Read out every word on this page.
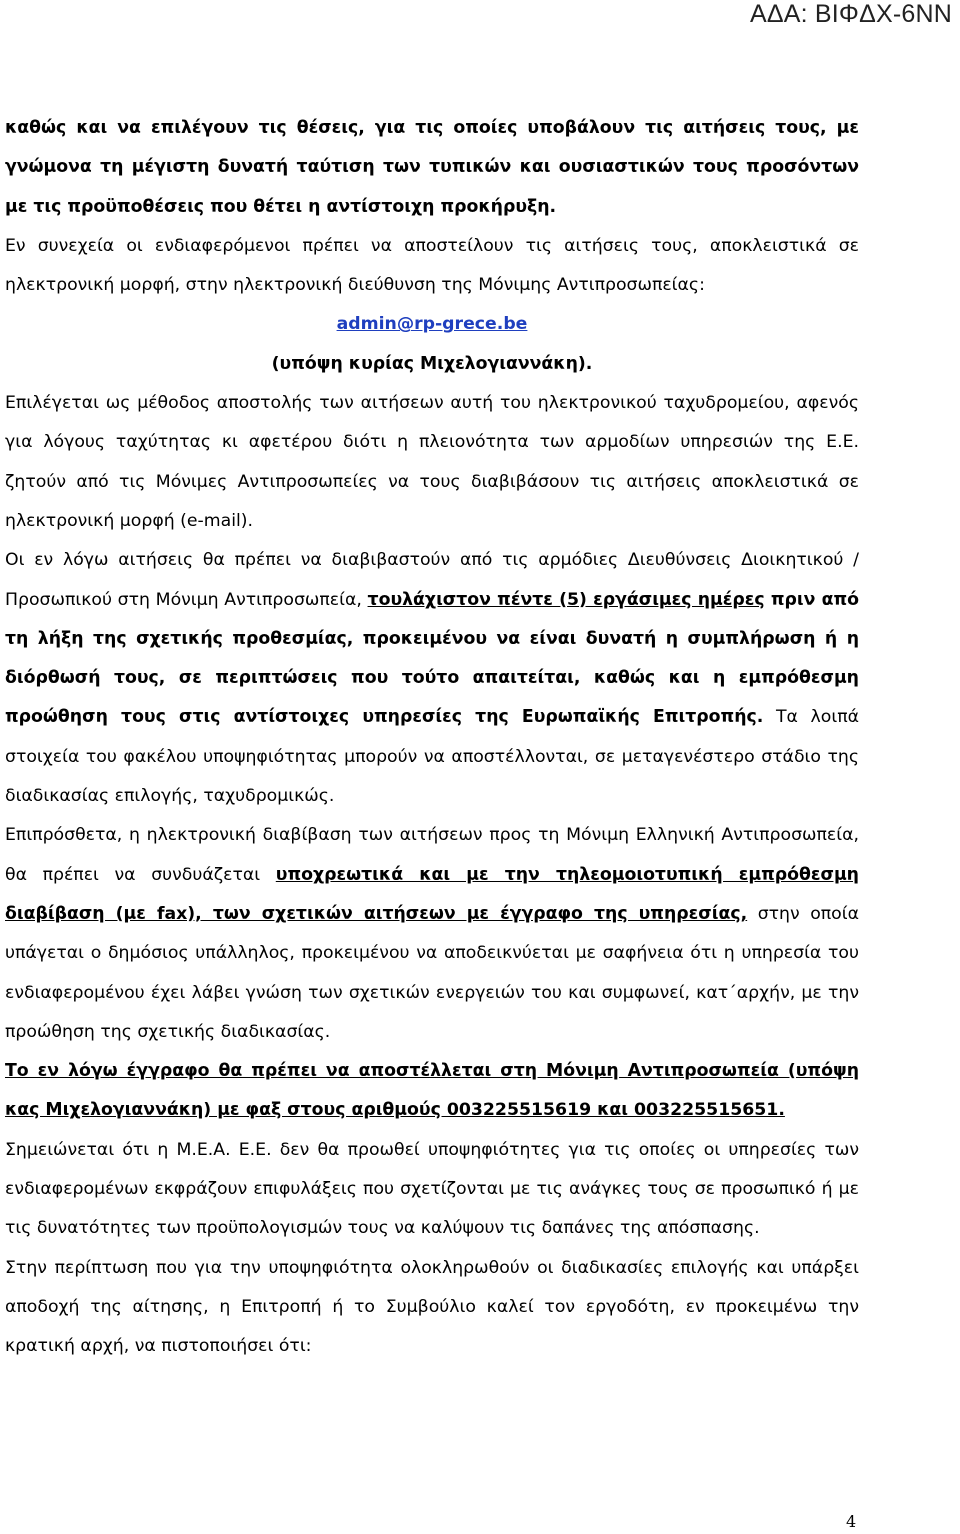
ΑΔΑ: ΒΙΦΔΧ-6ΝΝ

καθώς και να επιλέγουν τις θέσεις, για τις οποίες υποβάλουν τις αιτήσεις τους, με γνώμονα τη μέγιστη δυνατή ταύτιση των τυπικών και ουσιαστικών τους προσόντων με τις προϋποθέσεις που θέτει η αντίστοιχη προκήρυξη.

Εν συνεχεία οι ενδιαφερόμενοι πρέπει να αποστείλουν τις αιτήσεις τους, αποκλειστικά σε ηλεκτρονική μορφή, στην ηλεκτρονική διεύθυνση της Μόνιμης Αντιπροσωπείας:

admin@rp-grece.be

(υπόψη κυρίας Μιχελογιαννάκη).

Επιλέγεται ως μέθοδος αποστολής των αιτήσεων αυτή του ηλεκτρονικού ταχυδρομείου, αφενός για λόγους ταχύτητας κι αφετέρου διότι η πλειονότητα των αρμοδίων υπηρεσιών της Ε.Ε. ζητούν από τις Μόνιμες Αντιπροσωπείες να τους διαβιβάσουν τις αιτήσεις αποκλειστικά σε ηλεκτρονική μορφή (e-mail).

Οι εν λόγω αιτήσεις θα πρέπει να διαβιβαστούν από τις αρμόδιες Διευθύνσεις Διοικητικού /Προσωπικού στη Μόνιμη Αντιπροσωπεία, τουλάχιστον πέντε (5) εργάσιμες ημέρες πριν από τη λήξη της σχετικής προθεσμίας, προκειμένου να είναι δυνατή η συμπλήρωση ή η διόρθωσή τους, σε περιπτώσεις που τούτο απαιτείται, καθώς και η εμπρόθεσμη προώθηση τους στις αντίστοιχες υπηρεσίες της Ευρωπαϊκής Επιτροπής. Τα λοιπά στοιχεία του φακέλου υποψηφιότητας μπορούν να αποστέλλονται, σε μεταγενέστερο στάδιο της διαδικασίας επιλογής, ταχυδρομικώς.

Επιπρόσθετα, η ηλεκτρονική διαβίβαση των αιτήσεων προς τη Μόνιμη Ελληνική Αντιπροσωπεία, θα πρέπει να συνδυάζεται υποχρεωτικά και με την τηλεομοιοτυπική εμπρόθεσμη διαβίβαση (με fax), των σχετικών αιτήσεων με έγγραφο της υπηρεσίας, στην οποία υπάγεται ο δημόσιος υπάλληλος, προκειμένου να αποδεικνύεται με σαφήνεια ότι η υπηρεσία του ενδιαφερομένου έχει λάβει γνώση των σχετικών ενεργειών του και συμφωνεί, κατ΄αρχήν, με την προώθηση της σχετικής διαδικασίας.

Το εν λόγω έγγραφο θα πρέπει να αποστέλλεται στη Μόνιμη Αντιπροσωπεία (υπόψη κας Μιχελογιαννάκη) με φαξ στους αριθμούς 003225515619 και 003225515651.

Σημειώνεται ότι η Μ.Ε.Α. Ε.Ε. δεν θα προωθεί υποψηφιότητες για τις οποίες οι υπηρεσίες των ενδιαφερομένων εκφράζουν επιφυλάξεις που σχετίζονται με τις ανάγκες τους σε προσωπικό ή με τις δυνατότητες των προϋπολογισμών τους να καλύψουν τις δαπάνες της απόσπασης.

Στην περίπτωση που για την υποψηφιότητα ολοκληρωθούν οι διαδικασίες επιλογής και υπάρξει αποδοχή της αίτησης, η Επιτροπή ή το Συμβούλιο καλεί τον εργοδότη, εν προκειμένω την κρατική αρχή, να πιστοποιήσει ότι:

4
